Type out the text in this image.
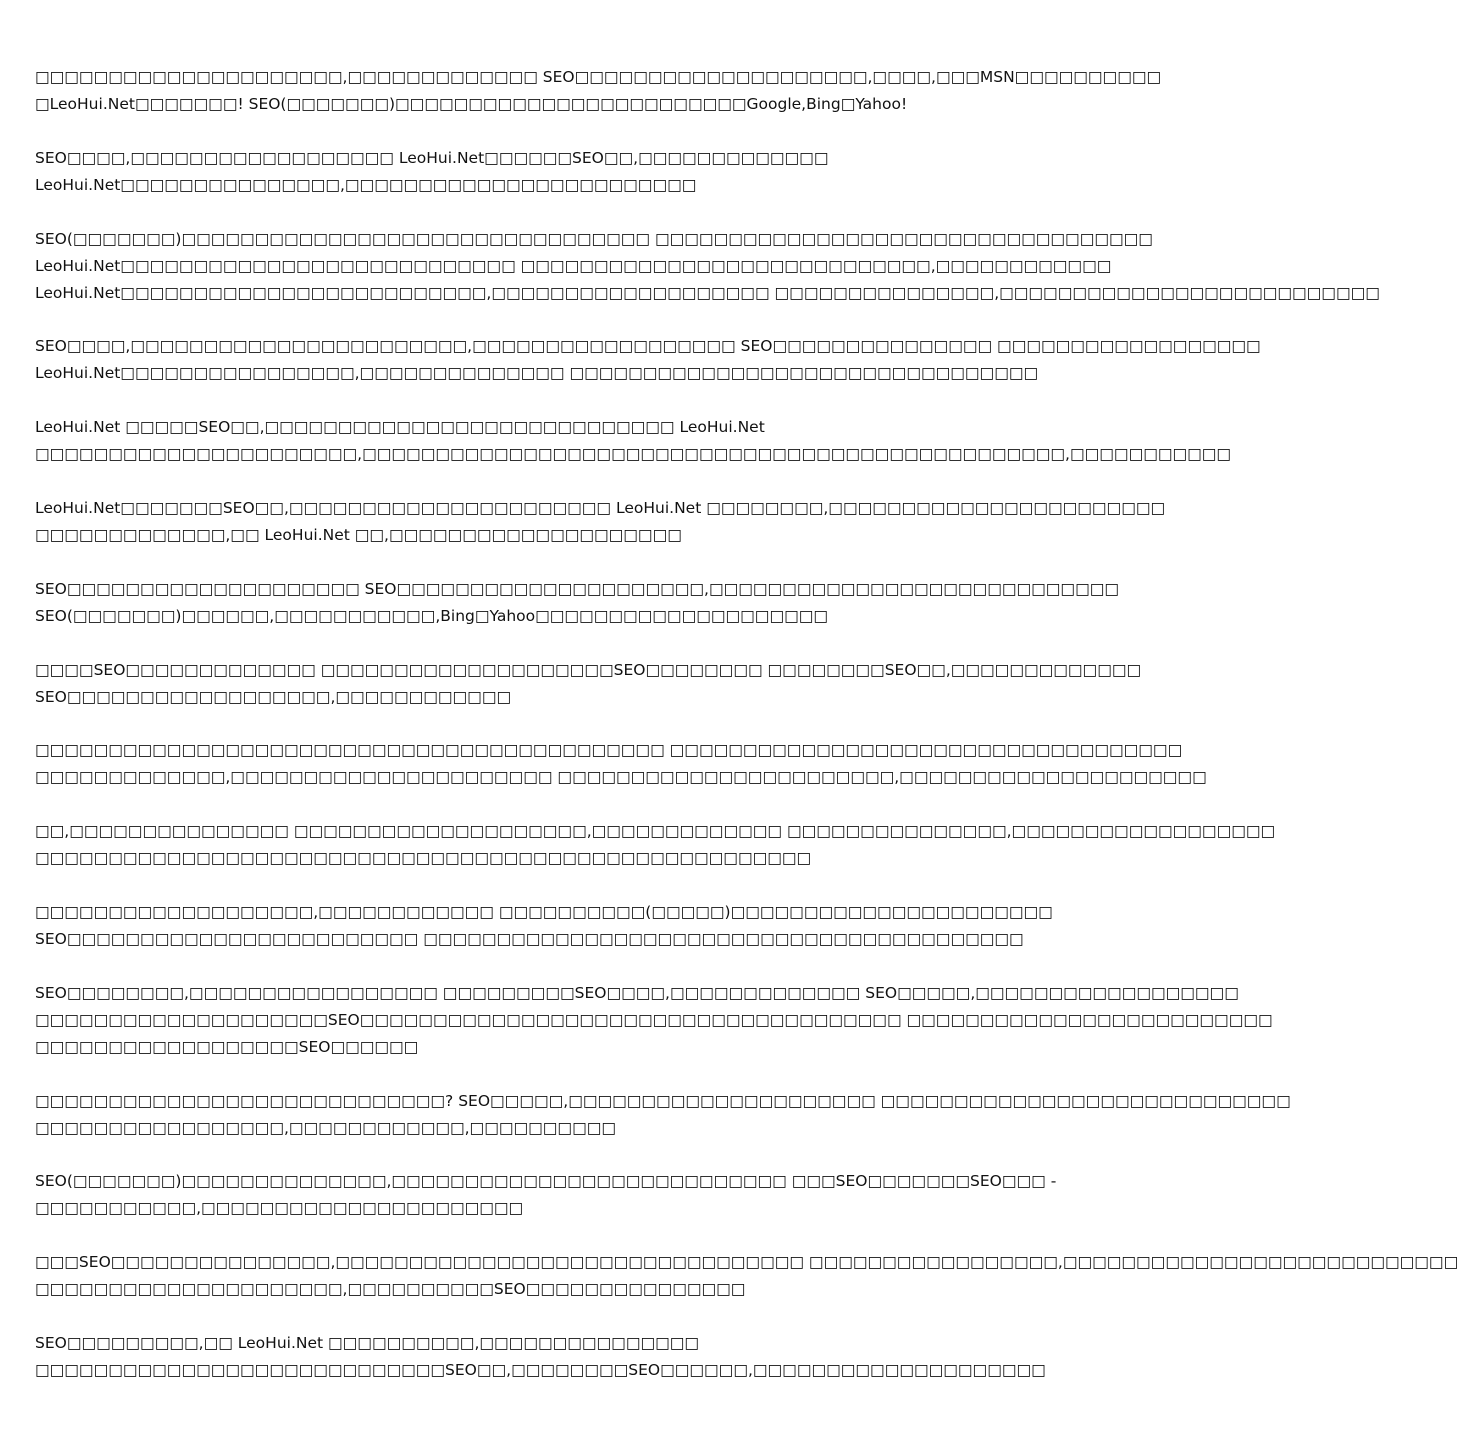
□□□□□□□□□□□□□□□□□□□□□,□□□□□□□□□□□□□ SEO□□□□□□□□□□□□□□□□□□□□,□□□□,□□□MSN□□□□□□□□□□
□LeoHui.Net□□□□□□□! SEO(□□□□□□□)□□□□□□□□□□□□□□□□□□□□□□□□Google,Bing□Yahoo!

SEO□□□□,□□□□□□□□□□□□□□□□□□ LeoHui.Net□□□□□□SEO□□,□□□□□□□□□□□□□
LeoHui.Net□□□□□□□□□□□□□□□,□□□□□□□□□□□□□□□□□□□□□□□□

SEO(□□□□□□□)□□□□□□□□□□□□□□□□□□□□□□□□□□□□□□□□ □□□□□□□□□□□□□□□□□□□□□□□□□□□□□□□□□□
LeoHui.Net□□□□□□□□□□□□□□□□□□□□□□□□□□□ □□□□□□□□□□□□□□□□□□□□□□□□□□□□,□□□□□□□□□□□□
LeoHui.Net□□□□□□□□□□□□□□□□□□□□□□□□□,□□□□□□□□□□□□□□□□□□□ □□□□□□□□□□□□□□□,□□□□□□□□□□□□□□□□□□□□□□□□□□

SEO□□□□,□□□□□□□□□□□□□□□□□□□□□□□,□□□□□□□□□□□□□□□□□□ SEO□□□□□□□□□□□□□□□ □□□□□□□□□□□□□□□□□□
LeoHui.Net□□□□□□□□□□□□□□□□,□□□□□□□□□□□□□□ □□□□□□□□□□□□□□□□□□□□□□□□□□□□□□□□

LeoHui.Net □□□□□SEO□□,□□□□□□□□□□□□□□□□□□□□□□□□□□□□ LeoHui.Net
□□□□□□□□□□□□□□□□□□□□□□,□□□□□□□□□□□□□□□□□□□□□□□□□□□□□□□□□□□□□□□□□□□□□□□□,□□□□□□□□□□□

LeoHui.Net□□□□□□□SEO□□,□□□□□□□□□□□□□□□□□□□□□□ LeoHui.Net □□□□□□□□,□□□□□□□□□□□□□□□□□□□□□□□
□□□□□□□□□□□□□,□□ LeoHui.Net □□,□□□□□□□□□□□□□□□□□□□□

SEO□□□□□□□□□□□□□□□□□□□□ SEO□□□□□□□□□□□□□□□□□□□□□,□□□□□□□□□□□□□□□□□□□□□□□□□□□□
SEO(□□□□□□□)□□□□□□,□□□□□□□□□□□,Bing□Yahoo□□□□□□□□□□□□□□□□□□□□

□□□□SEO□□□□□□□□□□□□□ □□□□□□□□□□□□□□□□□□□□SEO□□□□□□□□ □□□□□□□□SEO□□,□□□□□□□□□□□□□
SEO□□□□□□□□□□□□□□□□□□,□□□□□□□□□□□□

□□□□□□□□□□□□□□□□□□□□□□□□□□□□□□□□□□□□□□□□□□□ □□□□□□□□□□□□□□□□□□□□□□□□□□□□□□□□□□□
□□□□□□□□□□□□□,□□□□□□□□□□□□□□□□□□□□□□ □□□□□□□□□□□□□□□□□□□□□□□,□□□□□□□□□□□□□□□□□□□□□

□□,□□□□□□□□□□□□□□□ □□□□□□□□□□□□□□□□□□□□,□□□□□□□□□□□□□ □□□□□□□□□□□□□□□,□□□□□□□□□□□□□□□□□□
□□□□□□□□□□□□□□□□□□□□□□□□□□□□□□□□□□□□□□□□□□□□□□□□□□□□□

□□□□□□□□□□□□□□□□□□□,□□□□□□□□□□□□ □□□□□□□□□□(□□□□□)□□□□□□□□□□□□□□□□□□□□□□
SEO□□□□□□□□□□□□□□□□□□□□□□□□ □□□□□□□□□□□□□□□□□□□□□□□□□□□□□□□□□□□□□□□□□

SEO□□□□□□□□,□□□□□□□□□□□□□□□□□ □□□□□□□□□SEO□□□□,□□□□□□□□□□□□□ SEO□□□□□,□□□□□□□□□□□□□□□□□□
□□□□□□□□□□□□□□□□□□□□SEO□□□□□□□□□□□□□□□□□□□□□□□□□□□□□□□□□□□□□ □□□□□□□□□□□□□□□□□□□□□□□□□
□□□□□□□□□□□□□□□□□□SEO□□□□□□

□□□□□□□□□□□□□□□□□□□□□□□□□□□□? SEO□□□□□,□□□□□□□□□□□□□□□□□□□□□ □□□□□□□□□□□□□□□□□□□□□□□□□□□□
□□□□□□□□□□□□□□□□□,□□□□□□□□□□□□,□□□□□□□□□□

SEO(□□□□□□□)□□□□□□□□□□□□□□,□□□□□□□□□□□□□□□□□□□□□□□□□□□ □□□SEO□□□□□□□SEO□□□ -
□□□□□□□□□□□,□□□□□□□□□□□□□□□□□□□□□□

□□□SEO□□□□□□□□□□□□□□□,□□□□□□□□□□□□□□□□□□□□□□□□□□□□□□□□ □□□□□□□□□□□□□□□□□,□□□□□□□□□□□□□□□□□□□□□□□□□□□
□□□□□□□□□□□□□□□□□□□□□,□□□□□□□□□□SEO□□□□□□□□□□□□□□□

SEO□□□□□□□□□,□□ LeoHui.Net □□□□□□□□□□,□□□□□□□□□□□□□□□
□□□□□□□□□□□□□□□□□□□□□□□□□□□□SEO□□,□□□□□□□□SEO□□□□□□,□□□□□□□□□□□□□□□□□□□□
